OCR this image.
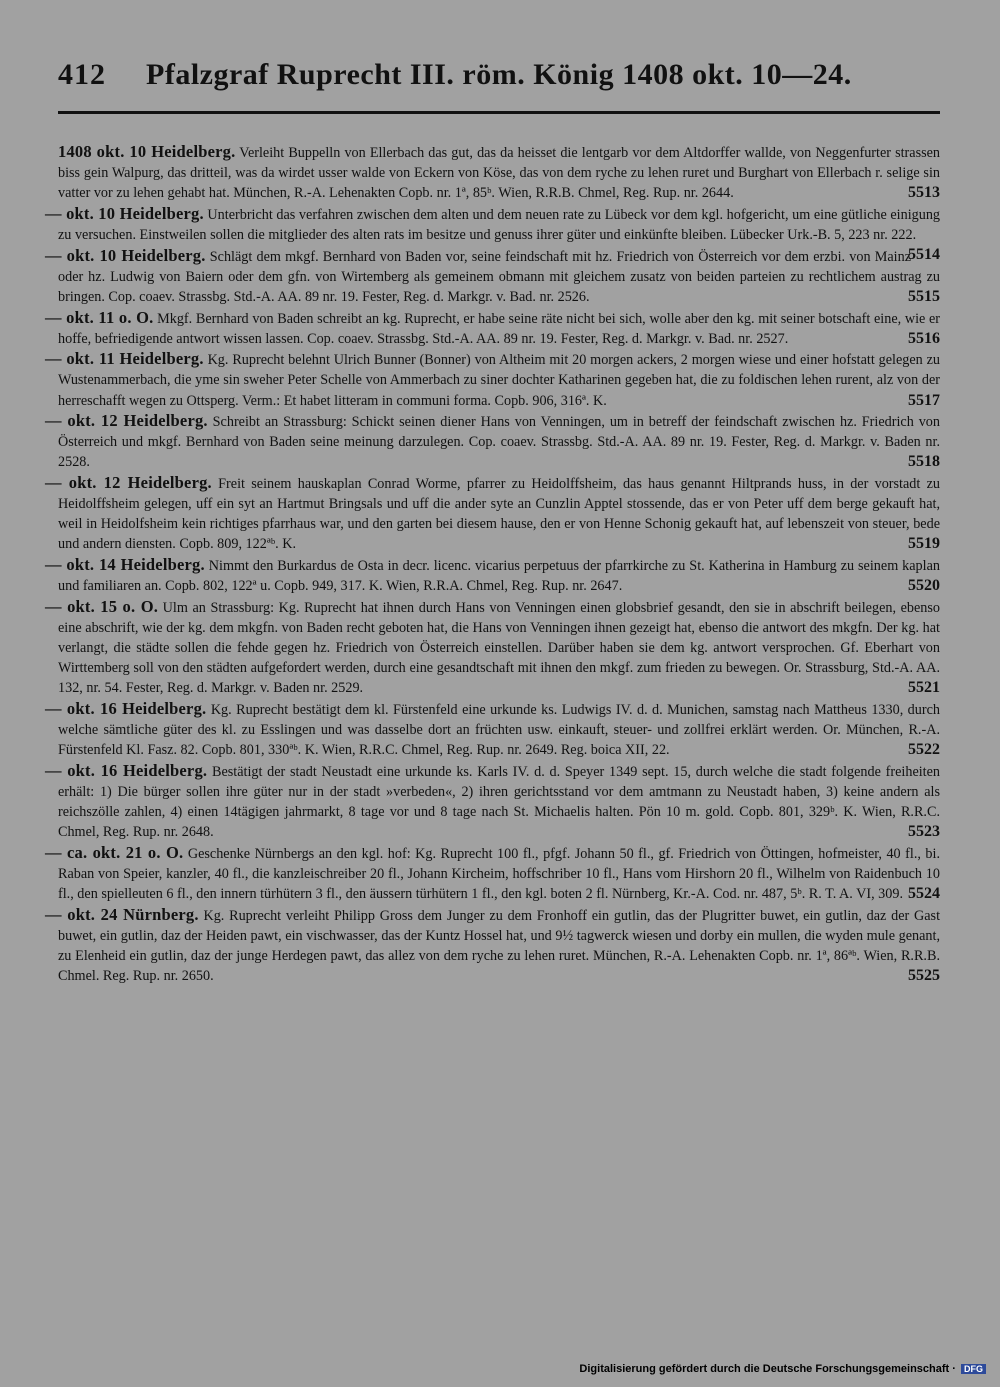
412 Pfalzgraf Ruprecht III. röm. König 1408 okt. 10—24.
1408 okt. 10 Heidelberg. Verleiht Buppelln von Ellerbach das gut, das da heisset die lentgarb vor dem Altdorffer wallde, von Neggenfurter strassen biss gein Walpurg, das dritteil, was da wirdet usser walde von Eckern von Köse, das von dem ryche zu lehen ruret und Burghart von Ellerbach r. selige sin vatter vor zu lehen gehabt hat. München, R.-A. Lehenakten Copb. nr. 1ª, 85ᵇ. Wien, R.R.B. Chmel, Reg. Rup. nr. 2644.	5513
— okt. 10 Heidelberg. Unterbricht das verfahren zwischen dem alten und dem neuen rate zu Lübeck vor dem kgl. hofgericht, um eine gütliche einigung zu versuchen. Einstweilen sollen die mitglieder des alten rats im besitze und genuss ihrer güter und einkünfte bleiben. Lübecker Urk.-B. 5, 223 nr. 222.
5514
— okt. 10 Heidelberg. Schlägt dem mkgf. Bernhard von Baden vor, seine feindschaft mit hz. Friedrich von Österreich vor dem erzbi. von Mainz oder hz. Ludwig von Baiern oder dem gfn. von Wirtemberg als gemeinem obmann mit gleichem zusatz von beiden parteien zu rechtlichem austrag zu bringen. Cop. coaev. Strassbg. Std.-A. AA. 89 nr. 19. Fester, Reg. d. Markgr. v. Bad. nr. 2526.	5515
— okt. 11 o. O. Mkgf. Bernhard von Baden schreibt an kg. Ruprecht, er habe seine räte nicht bei sich, wolle aber den kg. mit seiner botschaft eine, wie er hoffe, befriedigende antwort wissen lassen. Cop. coaev. Strassbg. Std.-A. AA. 89 nr. 19. Fester, Reg. d. Markgr. v. Bad. nr. 2527.	5516
— okt. 11 Heidelberg. Kg. Ruprecht belehnt Ulrich Bunner (Bonner) von Altheim mit 20 morgen ackers, 2 morgen wiese und einer hofstatt gelegen zu Wustenammerbach, die yme sin sweher Peter Schelle von Ammerbach zu siner dochter Katharinen gegeben hat, die zu foldischen lehen rurent, alz von der herreschafft wegen zu Ottsperg. Verm.: Et habet litteram in communi forma. Copb. 906, 316ª. K.	5517
— okt. 12 Heidelberg. Schreibt an Strassburg: Schickt seinen diener Hans von Venningen, um in betreff der feindschaft zwischen hz. Friedrich von Österreich und mkgf. Bernhard von Baden seine meinung darzulegen. Cop. coaev. Strassbg. Std.-A. AA. 89 nr. 19. Fester, Reg. d. Markgr. v. Baden nr. 2528.	5518
— okt. 12 Heidelberg. Freit seinem hauskaplan Conrad Worme, pfarrer zu Heidolffsheim, das haus genannt Hiltprands huss, in der vorstadt zu Heidolffsheim gelegen, uff ein syt an Hartmut Bringsals und uff die ander syte an Cunzlin Apptel stossende, das er von Peter uff dem berge gekauft hat, weil in Heidolfsheim kein richtiges pfarrhaus war, und den garten bei diesem hause, den er von Henne Schonig gekauft hat, auf lebenszeit von steuer, bede und andern diensten. Copb. 809, 122ªᵇ. K.	5519
— okt. 14 Heidelberg. Nimmt den Burkardus de Osta in decr. licenc. vicarius perpetuus der pfarrkirche zu St. Katherina in Hamburg zu seinem kaplan und familiaren an. Copb. 802, 122ª u. Copb. 949, 317. K. Wien, R.R.A. Chmel, Reg. Rup. nr. 2647.	5520
— okt. 15 o. O. Ulm an Strassburg: Kg. Ruprecht hat ihnen durch Hans von Venningen einen globsbrief gesandt, den sie in abschrift beilegen, ebenso eine abschrift, wie der kg. dem mkgfn. von Baden recht geboten hat, die Hans von Venningen ihnen gezeigt hat, ebenso die antwort des mkgfn. Der kg. hat verlangt, die städte sollen die fehde gegen hz. Friedrich von Österreich einstellen. Darüber haben sie dem kg. antwort versprochen. Gf. Eberhart von Wirttemberg soll von den städten aufgefordert werden, durch eine gesandtschaft mit ihnen den mkgf. zum frieden zu bewegen. Or. Strassburg, Std.-A. AA. 132, nr. 54. Fester, Reg. d. Markgr. v. Baden nr. 2529.	5521
— okt. 16 Heidelberg. Kg. Ruprecht bestätigt dem kl. Fürstenfeld eine urkunde ks. Ludwigs IV. d. d. Munichen, samstag nach Mattheus 1330, durch welche sämtliche güter des kl. zu Esslingen und was dasselbe dort an früchten usw. einkauft, steuer- und zollfrei erklärt werden. Or. München, R.-A. Fürstenfeld Kl. Fasz. 82. Copb. 801, 330ªᵇ. K. Wien, R.R.C. Chmel, Reg. Rup. nr. 2649. Reg. boica XII, 22.	5522
— okt. 16 Heidelberg. Bestätigt der stadt Neustadt eine urkunde ks. Karls IV. d. d. Speyer 1349 sept. 15, durch welche die stadt folgende freiheiten erhält: 1) Die bürger sollen ihre güter nur in der stadt »verbeden«, 2) ihren gerichtsstand vor dem amtmann zu Neustadt haben, 3) keine andern als reichszölle zahlen, 4) einen 14tägigen jahrmarkt, 8 tage vor und 8 tage nach St. Michaelis halten. Pön 10 m. gold. Copb. 801, 329ᵇ. K. Wien, R.R.C. Chmel, Reg. Rup. nr. 2648.	5523
— ca. okt. 21 o. O. Geschenke Nürnbergs an den kgl. hof: Kg. Ruprecht 100 fl., pfgf. Johann 50 fl., gf. Friedrich von Öttingen, hofmeister, 40 fl., bi. Raban von Speier, kanzler, 40 fl., die kanzleischreiber 20 fl., Johann Kircheim, hoffschriber 10 fl., Hans vom Hirshorn 20 fl., Wilhelm von Raidenbuch 10 fl., den spielleuten 6 fl., den innern türhütern 3 fl., den äussern türhütern 1 fl., den kgl. boten 2 fl. Nürnberg, Kr.-A. Cod. nr. 487, 5ᵇ. R. T. A. VI, 309. 5524
— okt. 24 Nürnberg. Kg. Ruprecht verleiht Philipp Gross dem Junger zu dem Fronhoff ein gutlin, das der Plugritter buwet, ein gutlin, daz der Gast buwet, ein gutlin, daz der Heiden pawt, ein vischwasser, das der Kuntz Hossel hat, und 9½ tagwerck wiesen und dorby ein mullen, die wyden mule genant, zu Elenheid ein gutlin, daz der junge Herdegen pawt, das allez von dem ryche zu lehen ruret. München, R.-A. Lehenakten Copb. nr. 1ª, 86ªᵇ. Wien, R.R.B. Chmel. Reg. Rup. nr. 2650.	5525
Digitalisierung gefördert durch die Deutsche Forschungsgemeinschaft · DFG
